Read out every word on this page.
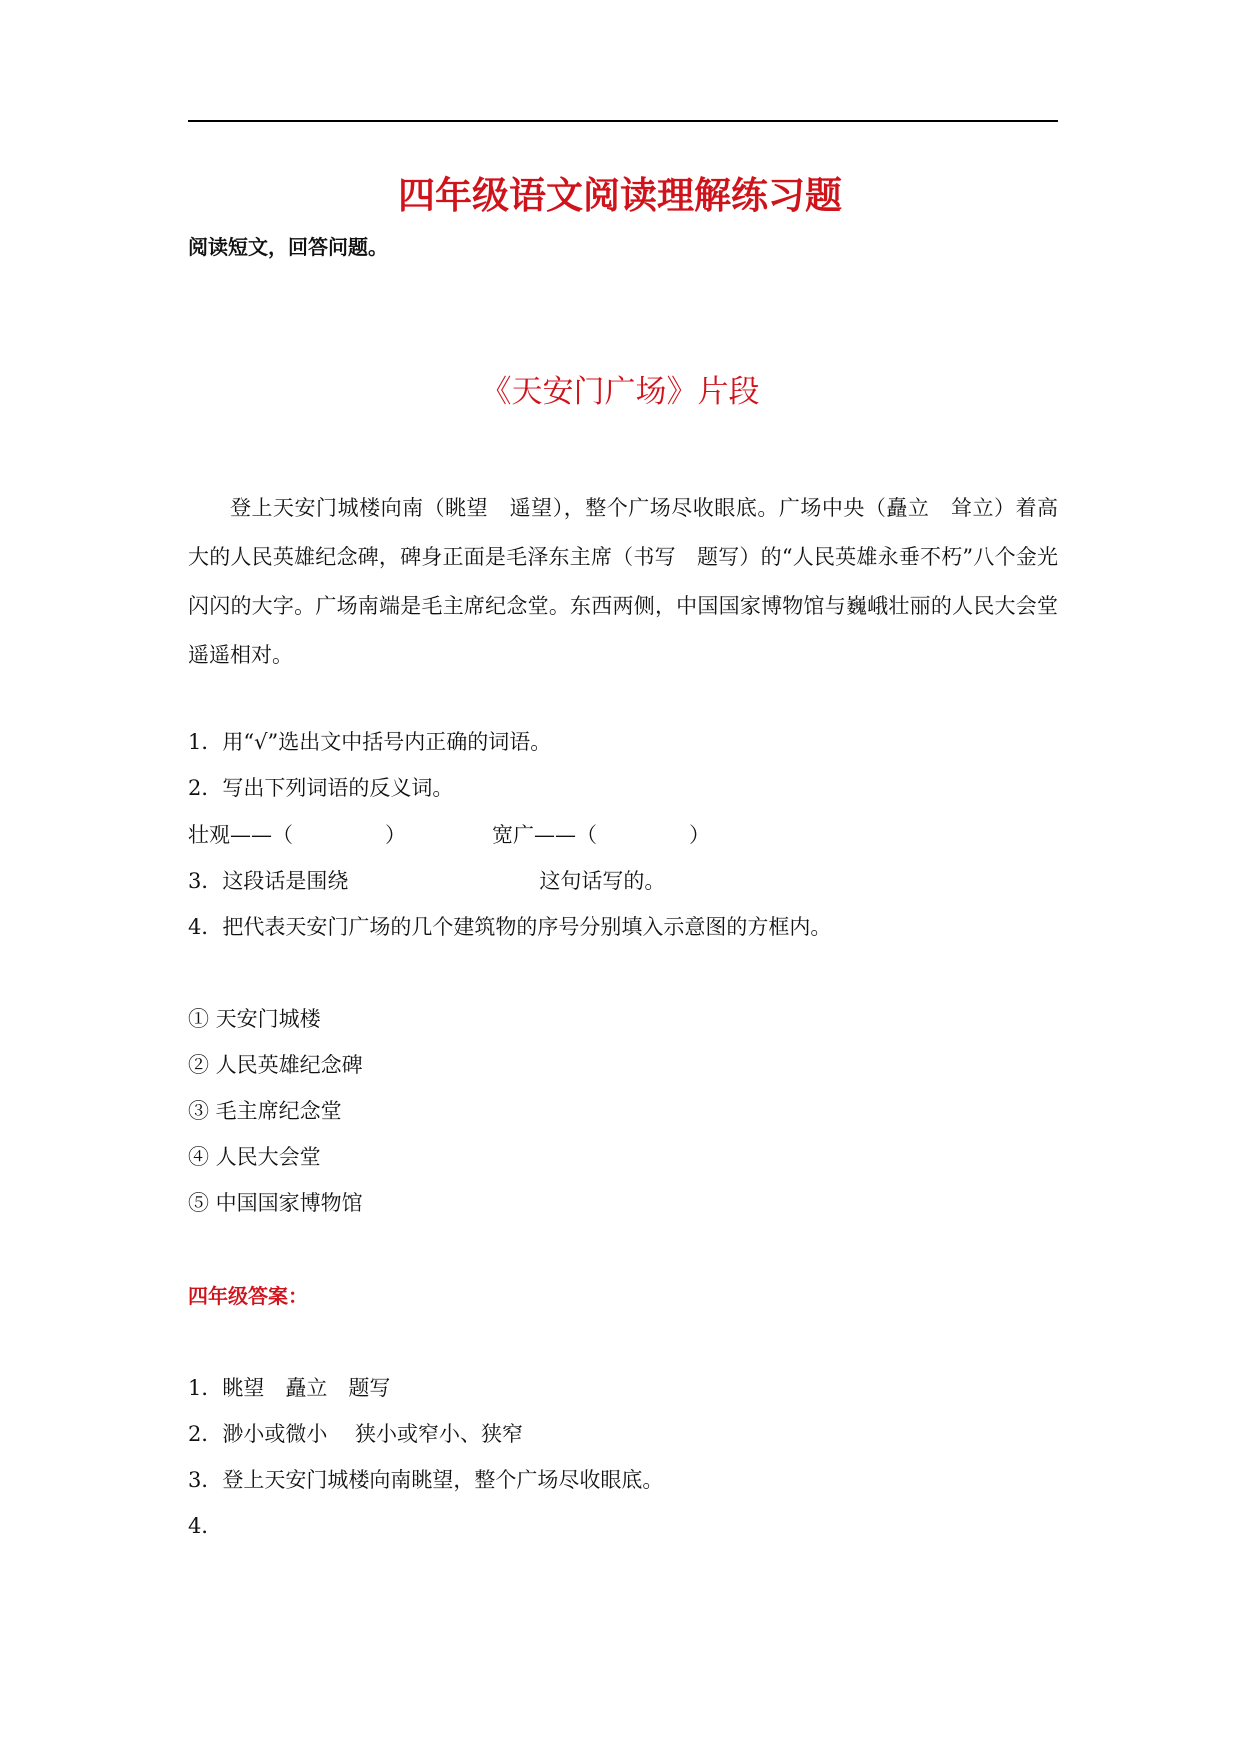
四年级语文阅读理解练习题
阅读短文，回答问题。
《天安门广场》片段

登上天安门城楼向南（眺望　遥望），整个广场尽收眼底。广场中央（矗立　耸立）着高大的人民英雄纪念碑，碑身正面是毛泽东主席（书写　题写）的“人民英雄永垂不朽”八个金光闪闪的大字。广场南端是毛主席纪念堂。东西两侧，中国国家博物馆与巍峨壮丽的人民大会堂遥遥相对。

1．用“√”选出文中括号内正确的词语。
2．写出下列词语的反义词。
壮观——（	）	宽广——（	）
3．这段话是围绕	这句话写的。
4．把代表天安门广场的几个建筑物的序号分别填入示意图的方框内。
① 天安门城楼
② 人民英雄纪念碑
③ 毛主席纪念堂
④ 人民大会堂
⑤ 中国国家博物馆
四年级答案：
1．眺望　矗立　题写
2．渺小或微小　 狭小或窄小、狭窄
3．登上天安门城楼向南眺望，整个广场尽收眼底。
4．
